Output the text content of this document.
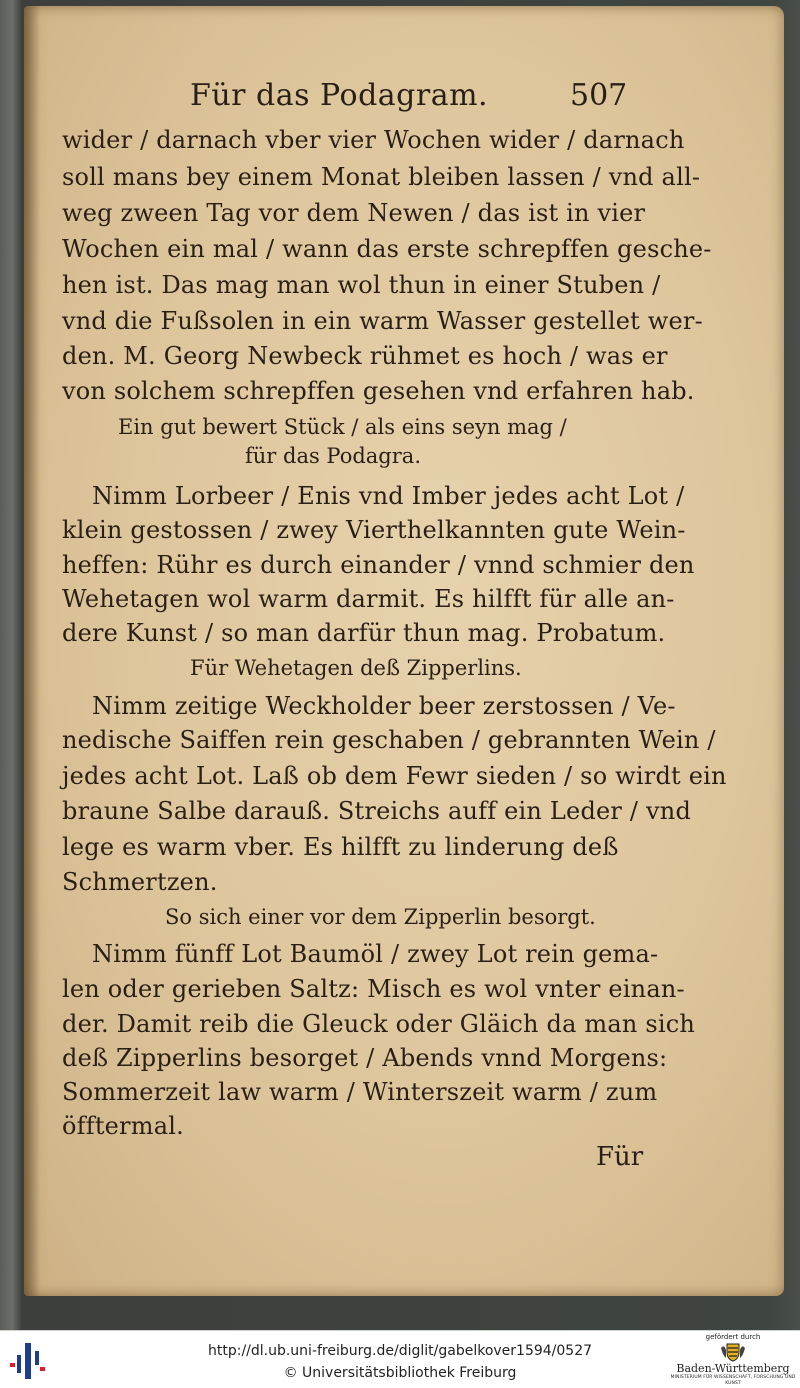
Für das Podagram.	507
wider / darnach vber vier Wochen wider / darnach
soll mans bey einem Monat bleiben lassen / vnd all-
weg zween Tag vor dem Newen / das ist in vier
Wochen ein mal / wann das erste schrepffen gesche-
hen ist. Das mag man wol thun in einer Stuben /
vnd die Fußsolen in ein warm Wasser gestellet wer-
den. M. Georg Newbeck rühmet es hoch / was er
von solchem schrepffen gesehen vnd erfahren hab.
Ein gut bewert Stück / als eins seyn mag /
für das Podagra.
Nimm Lorbeer / Enis vnd Imber jedes acht Lot /
klein gestossen / zwey Vierthelkannten gute Wein-
heffen: Rühr es durch einander / vnnd schmier den
Wehetagen wol warm darmit. Es hilfft für alle an-
dere Kunst / so man darfür thun mag. Probatum.
Für Wehetagen deß Zipperlins.
Nimm zeitige Weckholder beer zerstossen / Ve-
nedische Saiffen rein geschaben / gebrannten Wein /
jedes acht Lot. Laß ob dem Fewr sieden / so wirdt ein
braune Salbe darauß. Streichs auff ein Leder / vnd
lege es warm vber. Es hilfft zu linderung deß
Schmertzen.
So sich einer vor dem Zipperlin besorgt.
Nimm fünff Lot Baumöl / zwey Lot rein gema-
len oder gerieben Saltz: Misch es wol vnter einan-
der. Damit reib die Gleuck oder Gläich da man sich
deß Zipperlins besorget / Abends vnnd Morgens:
Sommerzeit law warm / Winterszeit warm / zum
öfftermal.
Für
http://dl.ub.uni-freiburg.de/diglit/gabelkover1594/0527
© Universitätsbibliothek Freiburg
gefördert durch
Baden-Württemberg
MINISTERIUM FÜR WISSENSCHAFT, FORSCHUNG UND KUNST
